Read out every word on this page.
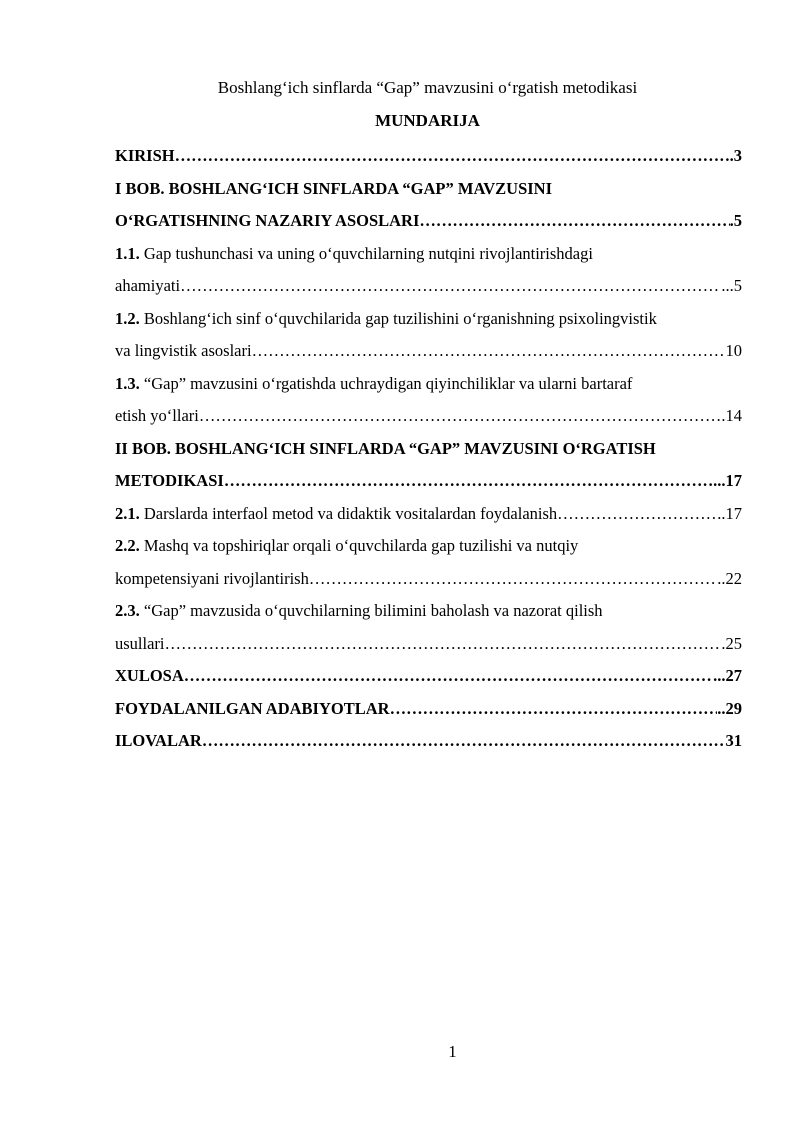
Boshlang‘ich sinflarda “Gap” mavzusini o‘rgatish metodikasi
MUNDARIJA
KIRISH ……………………………………………………………………………………………………………………………………………………………………………………………………	.3
I BOB. BOSHLANG‘ICH SINFLARDA “GAP” MAVZUSINI
O‘RGATISHNING NAZARIY ASOSLARI ……………………………………………………………………………………………………………………………………………………………………………………………………	.5
1.1. Gap tushunchasi va uning o‘quvchilarning nutqini rivojlantirishdagi
ahamiyati ……………………………………………………………………………………………………………………………………………………………………………………………………	...5
1.2. Boshlang‘ich sinf o‘quvchilarida gap tuzilishini o‘rganishning psixolingvistik
va lingvistik asoslari ……………………………………………………………………………………………………………………………………………………………………………………………………	10
1.3. “Gap” mavzusini o‘rgatishda uchraydigan qiyinchiliklar va ularni bartaraf
etish yo‘llari ……………………………………………………………………………………………………………………………………………………………………………………………………	.14
II BOB. BOSHLANG‘ICH SINFLARDA “GAP” MAVZUSINI O‘RGATISH
METODIKASI ……………………………………………………………………………………………………………………………………………………………………………………………………	...17
2.1. Darslarda interfaol metod va didaktik vositalardan foydalanish ……………………………………………………………………………………………………………………………………………………………………………………………………	..17
2.2. Mashq va topshiriqlar orqali o‘quvchilarda gap tuzilishi va nutqiy
kompetensiyani rivojlantirish ……………………………………………………………………………………………………………………………………………………………………………………………………	..22
2.3. “Gap” mavzusida o‘quvchilarning bilimini baholash va nazorat qilish
usullari ……………………………………………………………………………………………………………………………………………………………………………………………………	.25
XULOSA ……………………………………………………………………………………………………………………………………………………………………………………………………	...27
FOYDALANILGAN ADABIYOTLAR ……………………………………………………………………………………………………………………………………………………………………………………………………	..29
ILOVALAR ……………………………………………………………………………………………………………………………………………………………………………………………………	31
1
